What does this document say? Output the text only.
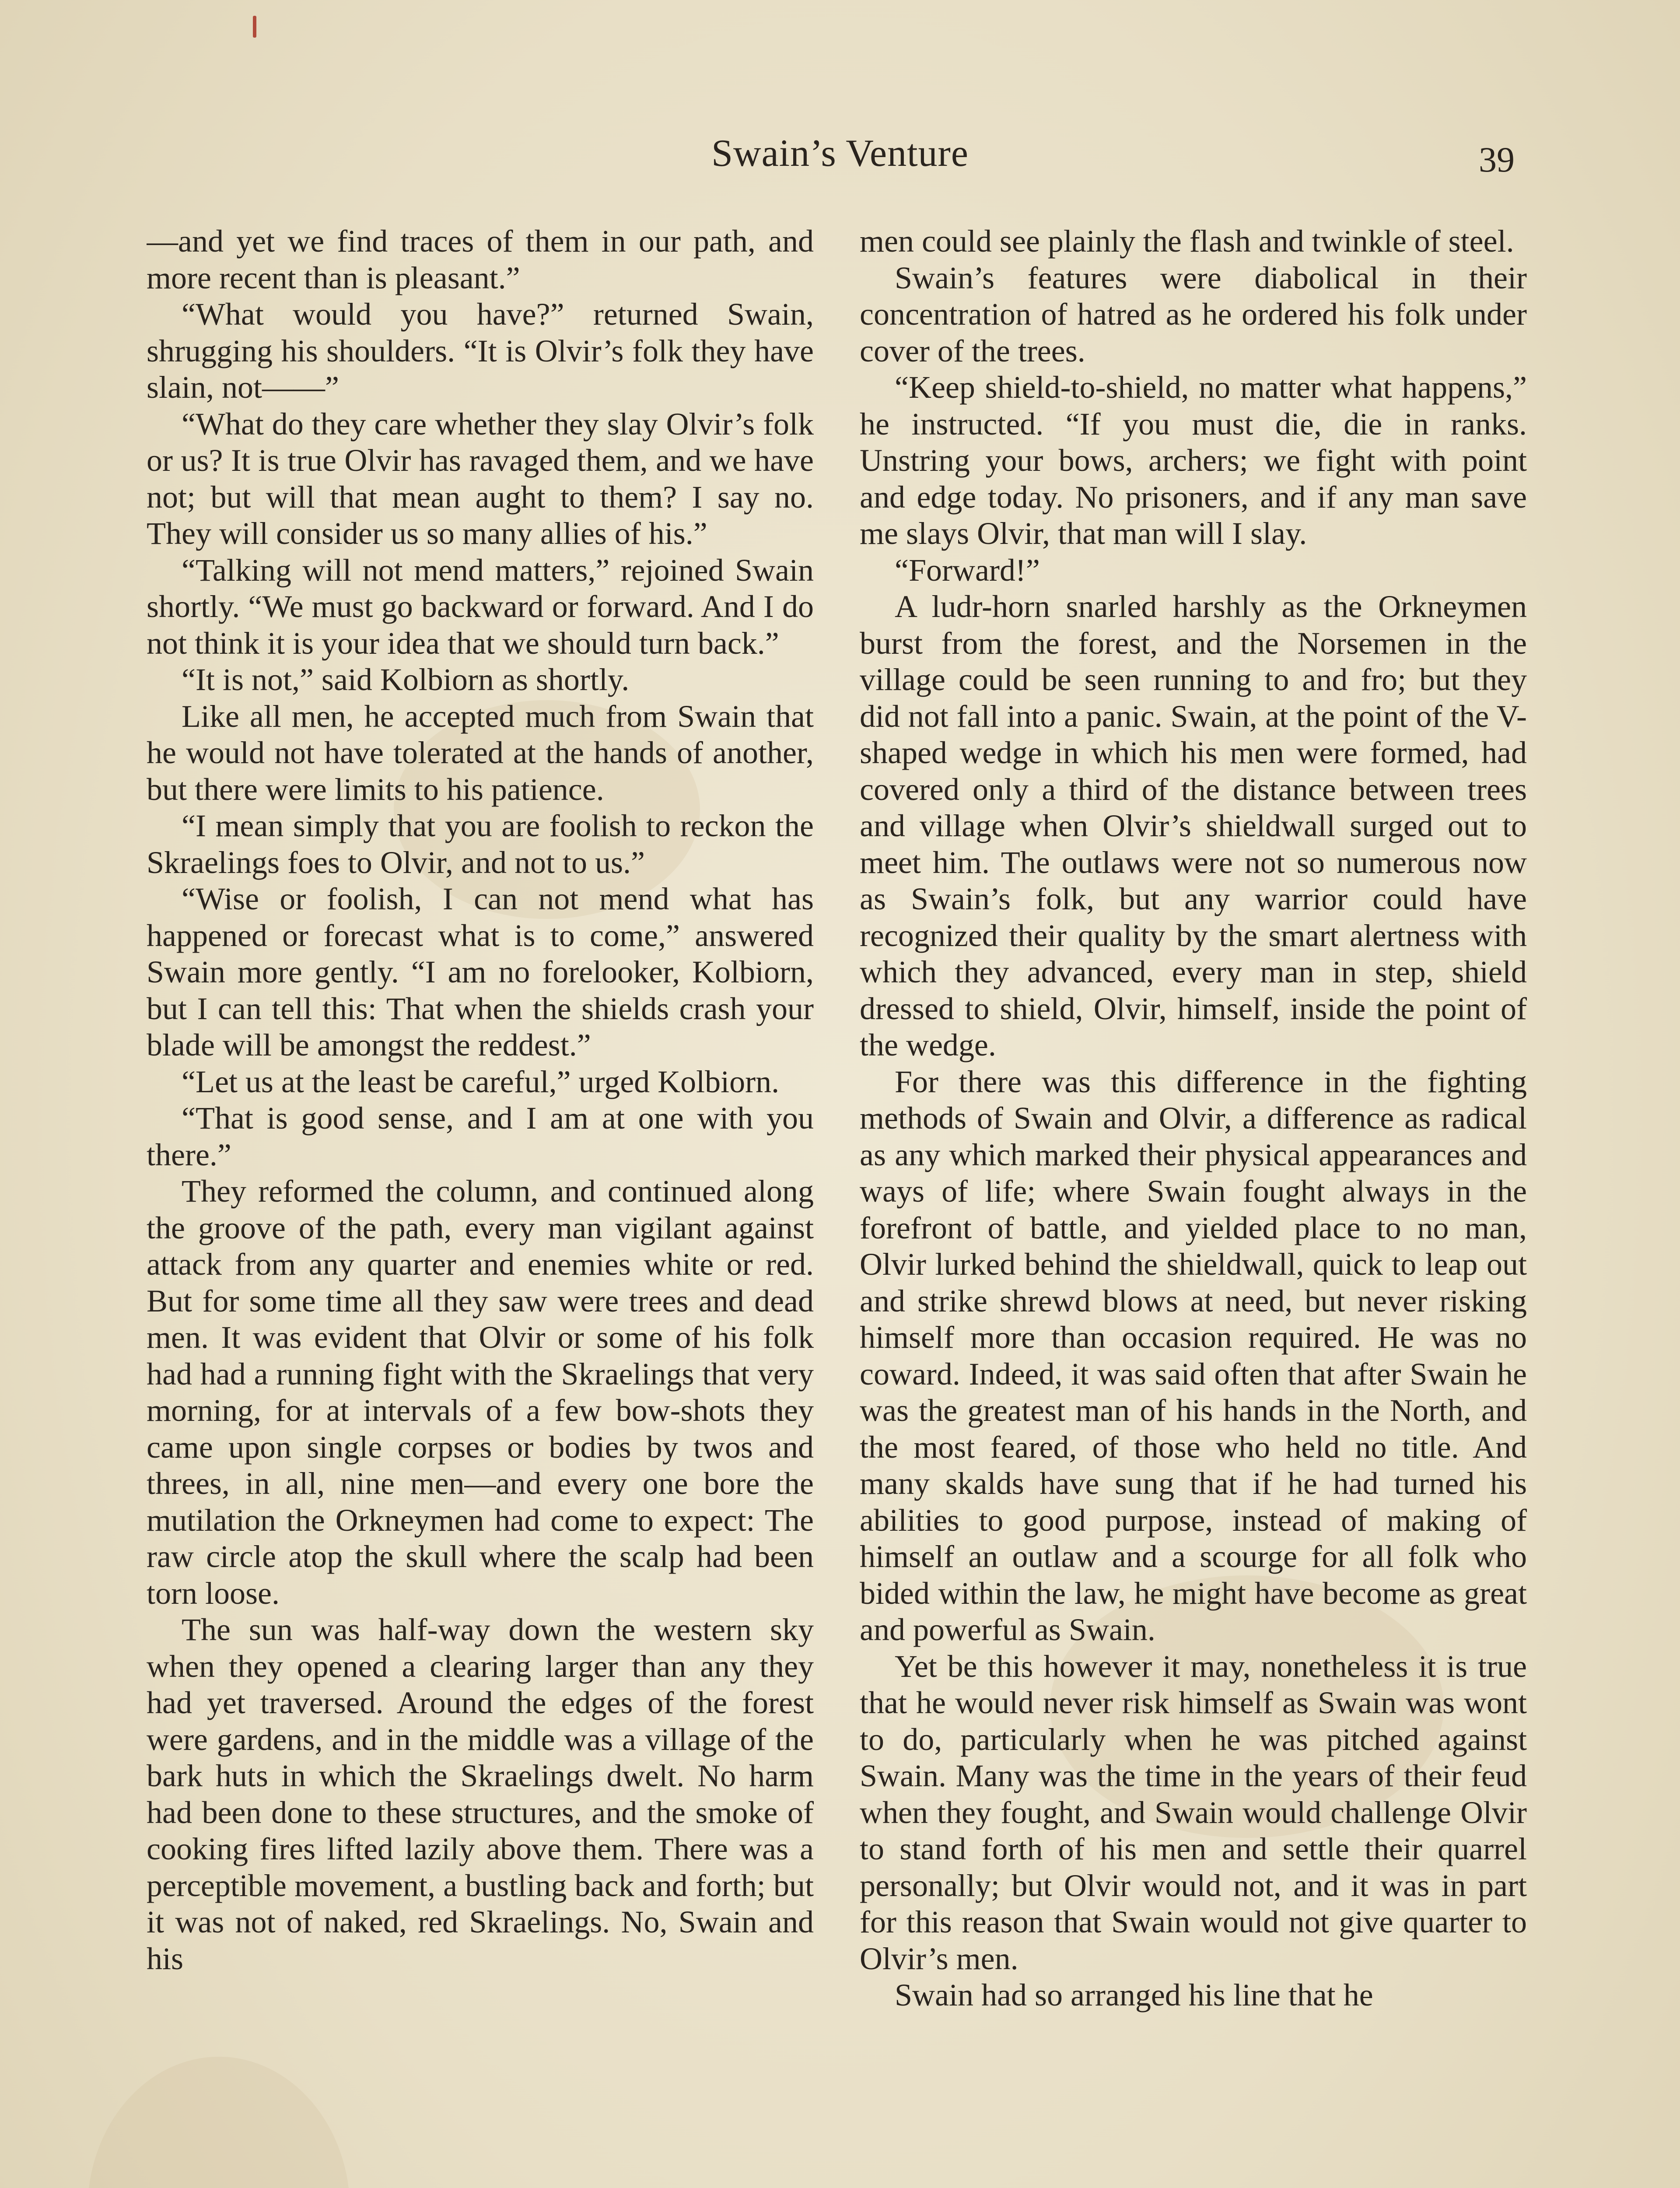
Swain’s Venture	39

—and yet we find traces of them in our path, and more recent than is pleasant.”

“What would you have?” returned Swain, shrugging his shoulders. “It is Olvir’s folk they have slain, not——”

“What do they care whether they slay Olvir’s folk or us? It is true Olvir has ravaged them, and we have not; but will that mean aught to them? I say no. They will consider us so many allies of his.”

“Talking will not mend matters,” rejoined Swain shortly. “We must go backward or forward. And I do not think it is your idea that we should turn back.”

“It is not,” said Kolbiorn as shortly.

Like all men, he accepted much from Swain that he would not have tolerated at the hands of another, but there were limits to his patience.

“I mean simply that you are foolish to reckon the Skraelings foes to Olvir, and not to us.”

“Wise or foolish, I can not mend what has happened or forecast what is to come,” answered Swain more gently. “I am no forelooker, Kolbiorn, but I can tell this: That when the shields crash your blade will be amongst the reddest.”

“Let us at the least be careful,” urged Kolbiorn.

“That is good sense, and I am at one with you there.”

They reformed the column, and continued along the groove of the path, every man vigilant against attack from any quarter and enemies white or red. But for some time all they saw were trees and dead men. It was evident that Olvir or some of his folk had had a running fight with the Skraelings that very morning, for at intervals of a few bow-shots they came upon single corpses or bodies by twos and threes, in all, nine men—and every one bore the mutilation the Orkneymen had come to expect: The raw circle atop the skull where the scalp had been torn loose.

The sun was half-way down the western sky when they opened a clearing larger than any they had yet traversed. Around the edges of the forest were gardens, and in the middle was a village of the bark huts in which the Skraelings dwelt. No harm had been done to these structures, and the smoke of cooking fires lifted lazily above them. There was a perceptible movement, a bustling back and forth; but it was not of naked, red Skraelings. No, Swain and his

men could see plainly the flash and twinkle of steel.

Swain’s features were diabolical in their concentration of hatred as he ordered his folk under cover of the trees.

“Keep shield-to-shield, no matter what happens,” he instructed. “If you must die, die in ranks. Unstring your bows, archers; we fight with point and edge today. No prisoners, and if any man save me slays Olvir, that man will I slay.

“Forward!”

A ludr-horn snarled harshly as the Orkneymen burst from the forest, and the Norsemen in the village could be seen running to and fro; but they did not fall into a panic. Swain, at the point of the V-shaped wedge in which his men were formed, had covered only a third of the distance between trees and village when Olvir’s shieldwall surged out to meet him. The outlaws were not so numerous now as Swain’s folk, but any warrior could have recognized their quality by the smart alertness with which they advanced, every man in step, shield dressed to shield, Olvir, himself, inside the point of the wedge.

For there was this difference in the fighting methods of Swain and Olvir, a difference as radical as any which marked their physical appearances and ways of life; where Swain fought always in the forefront of battle, and yielded place to no man, Olvir lurked behind the shieldwall, quick to leap out and strike shrewd blows at need, but never risking himself more than occasion required. He was no coward. Indeed, it was said often that after Swain he was the greatest man of his hands in the North, and the most feared, of those who held no title. And many skalds have sung that if he had turned his abilities to good purpose, instead of making of himself an outlaw and a scourge for all folk who bided within the law, he might have become as great and powerful as Swain.

Yet be this however it may, nonetheless it is true that he would never risk himself as Swain was wont to do, particularly when he was pitched against Swain. Many was the time in the years of their feud when they fought, and Swain would challenge Olvir to stand forth of his men and settle their quarrel personally; but Olvir would not, and it was in part for this reason that Swain would not give quarter to Olvir’s men.

Swain had so arranged his line that he
